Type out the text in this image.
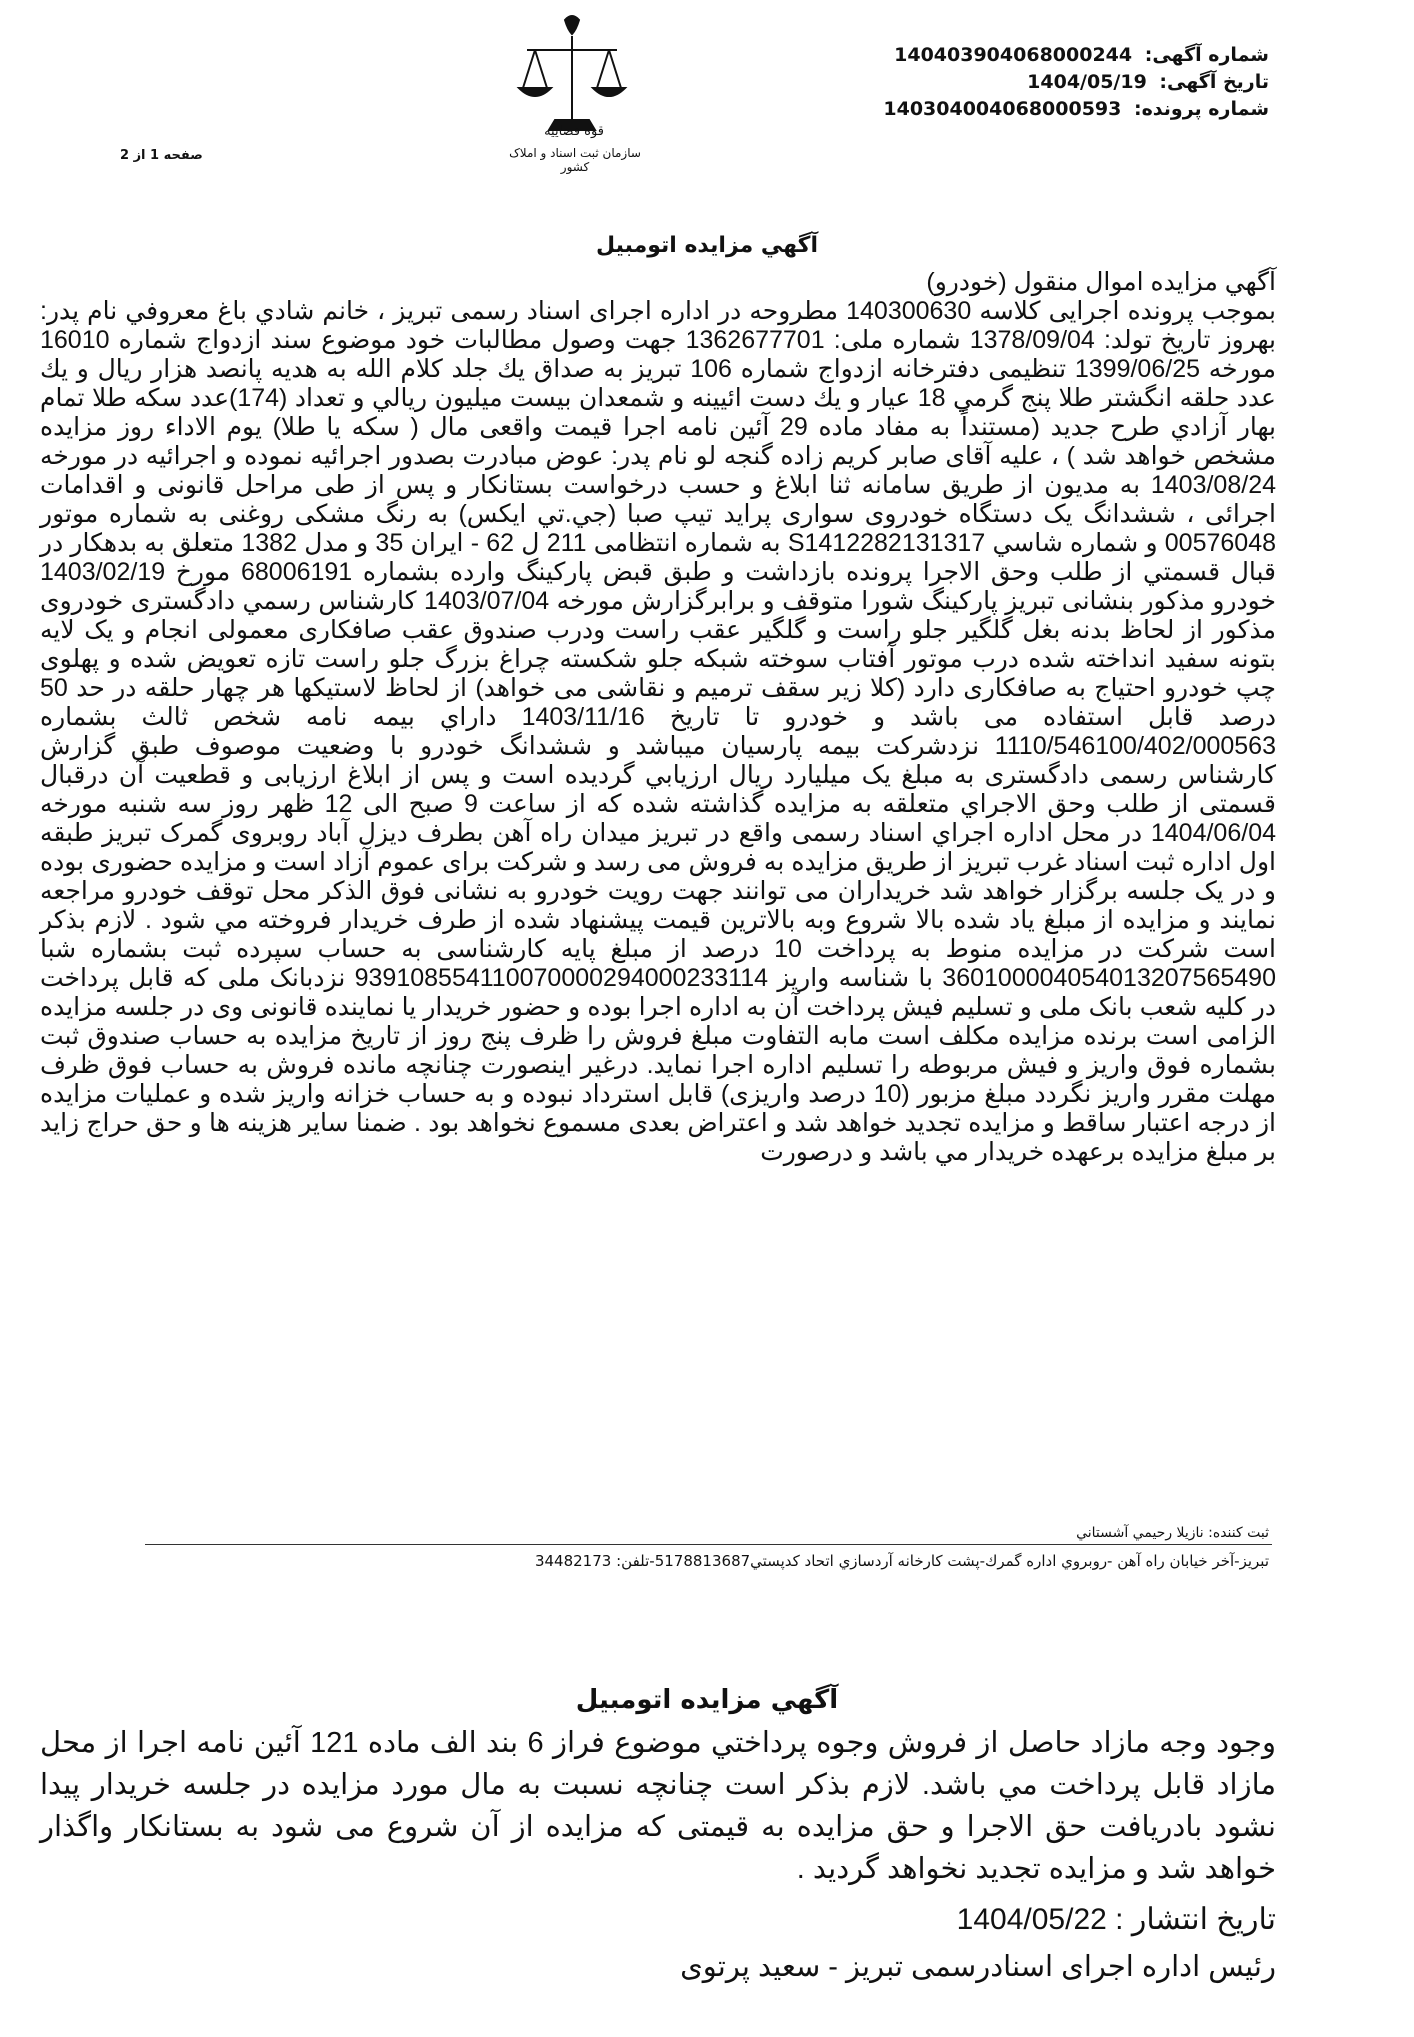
قوه قضاییه
سازمان ثبت اسناد و املاک کشور
شماره آگهی: 140403904068000244
تاریخ آگهی: 1404/05/19
شماره پرونده: 140304004068000593
صفحه 1 از 2
آگهي مزايده اتومبيل

آگهي مزايده اموال منقول (خودرو)

بموجب پرونده اجرايی كلاسه 140300630 مطروحه در اداره اجرای اسناد رسمی تبریز ، خانم شادي باغ معروفي نام پدر: بهروز تاريخ تولد: 1378/09/04 شماره ملی: 1362677701 جهت وصول مطالبات خود موضوع سند ازدواج شماره 16010 مورخه 1399/06/25 تنظيمی دفترخانه ازدواج شماره 106 تبريز به صداق يك جلد كلام الله به هديه پانصد هزار ريال و يك عدد حلقه انگشتر طلا پنج گرمي 18 عيار و يك دست ائيينه و شمعدان بيست ميليون ريالي و تعداد (174)عدد سكه طلا تمام بهار آزادي طرح جديد (مستنداً به مفاد ماده 29 آئين نامه اجرا قيمت واقعی مال ( سكه يا طلا) يوم الاداء روز مزايده مشخص خواهد شد ) ، علیه آقای صابر کریم زاده گنجه لو نام پدر: عوض مبادرت بصدور اجرائيه نموده و اجرائيه در مورخه 1403/08/24 به مديون از طريق سامانه ثنا ابلاغ و حسب درخواست بستانكار و پس از طی مراحل قانونی و اقدامات اجرائی ، ششدانگ یک دستگاه خودروی سواری پرايد تيپ صبا (جي.تي ايكس) به رنگ مشكی روغنی به شماره موتور 00576048 و شماره شاسي S1412282131317 به شماره انتظامی 211 ل 62 - ايران 35 و مدل 1382 متعلق به بدهكار در قبال قسمتي از طلب وحق الاجرا پرونده بازداشت و طبق قبض پاركينگ وارده بشماره 68006191 مورخ 1403/02/19 خودرو مذكور بنشانی تبريز پاركينگ شورا متوقف و برابرگزارش مورخه 1403/07/04 كارشناس رسمي دادگستری خودروی مذكور از لحاظ بدنه بغل گلگير جلو راست و گلگير عقب راست ودرب صندوق عقب صافكاری معمولی انجام و یک لایه بتونه سفید انداخته شده درب موتور آفتاب سوخته شبکه جلو شکسته چراغ بزرگ جلو راست تازه تعویض شده و پهلوی چپ خودرو احتیاج به صافکاری دارد (کلا زیر سقف ترمیم و نقاشی می خواهد) از لحاظ لاستیکها هر چهار حلقه در حد 50 درصد قابل استفاده می باشد و خودرو تا تاریخ 1403/11/16 داراي بيمه نامه شخص ثالث بشماره 1110/546100/402/000563 نزدشرکت بیمه پارسیان میباشد و ششدانگ خودرو با وضعيت موصوف طبق گزارش كارشناس رسمی دادگستری به مبلغ يک میلیارد ريال ارزيابي گرديده است و پس از ابلاغ ارزيابی و قطعيت آن درقبال قسمتی از طلب وحق الاجراي متعلقه به مزايده گذاشته شده كه از ساعت 9 صبح الی 12 ظهر روز سه شنبه مورخه 1404/06/04 در محل اداره اجراي اسناد رسمی واقع در تبریز میدان راه آهن بطرف ديزل آباد روبروی گمرک تبریز طبقه اول اداره ثبت اسناد غرب تبریز از طريق مزايده به فروش می رسد و شركت برای عموم آزاد است و مزايده حضوری بوده و در يک جلسه برگزار خواهد شد خريداران می توانند جهت رويت خودرو به نشانی فوق الذكر محل توقف خودرو مراجعه نمايند و مزايده از مبلغ ياد شده بالا شروع وبه بالاترين قيمت پيشنهاد شده از طرف خريدار فروخته مي شود . لازم بذكر است شركت در مزايده منوط به پرداخت 10 درصد از مبلغ پايه كارشناسی به حساب سپرده ثبت بشماره شبا 360100004054013207565490 با شناسه واريز 939108554110070000294000233114 نزدبانک ملی كه قابل پرداخت در كليه شعب بانک ملی و تسليم فيش پرداخت آن به اداره اجرا بوده و حضور خريدار يا نماينده قانونی وی در جلسه مزايده الزامی است برنده مزايده مكلف است مابه التفاوت مبلغ فروش را ظرف پنج روز از تاريخ مزايده به حساب صندوق ثبت بشماره فوق واريز و فيش مربوطه را تسليم اداره اجرا نمايد. درغير اينصورت چنانچه مانده فروش به حساب فوق ظرف مهلت مقرر واريز نگردد مبلغ مزبور (10 درصد واريزی) قابل استرداد نبوده و به حساب خزانه واريز شده و عمليات مزايده از درجه اعتبار ساقط و مزايده تجديد خواهد شد و اعتراض بعدی مسموع نخواهد بود . ضمنا ساير هزينه ها و حق حراج زايد بر مبلغ مزايده برعهده خريدار مي باشد و درصورت

ثبت كننده: نازيلا رحيمي آشستاني
تبريز-آخر خيابان راه آهن -روبروي اداره گمرك-پشت كارخانه آردسازي اتحاد كدپستي5178813687-تلفن: 34482173
آگهي مزايده اتومبيل

وجود وجه مازاد حاصل از فروش وجوه پرداختي موضوع فراز 6 بند الف ماده 121 آئين نامه اجرا از محل مازاد قابل پرداخت مي باشد. لازم بذكر است چنانچه نسبت به مال مورد مزايده در جلسه خريدار پيدا نشود بادريافت حق الاجرا و حق مزايده به قيمتی كه مزايده از آن شروع می شود به بستانكار واگذار خواهد شد و مزايده تجديد نخواهد گرديد .

تاريخ انتشار : 1404/05/22
رئيس اداره اجرای اسنادرسمی تبريز - سعيد پرتوی
